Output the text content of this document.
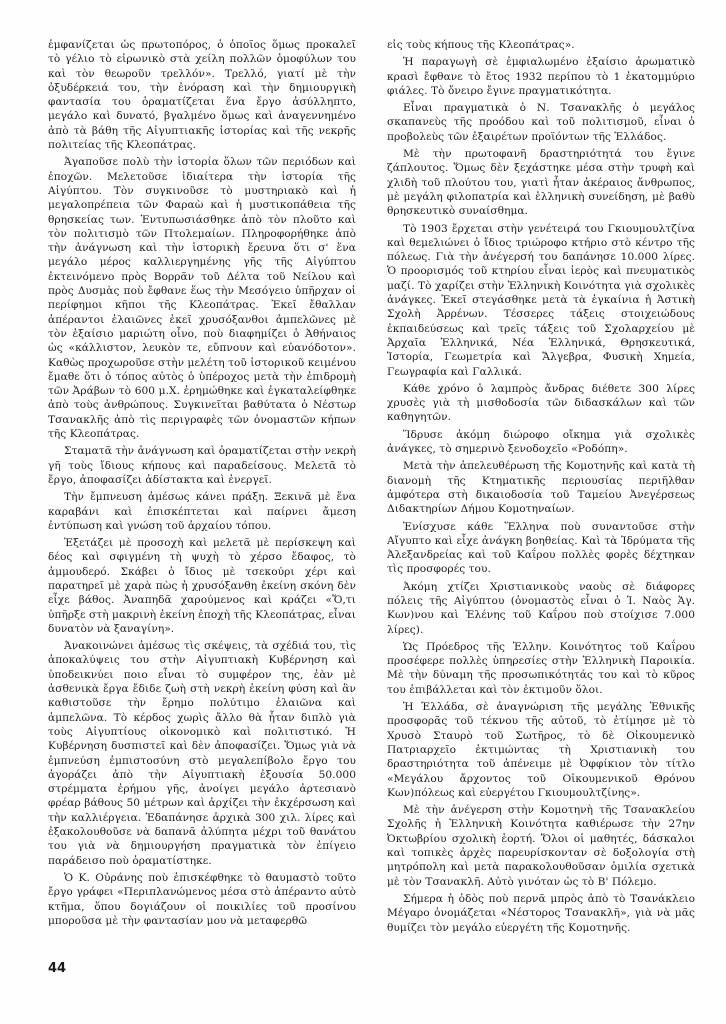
ἐμφανίζεται ὡς πρωτοπόρος, ὁ ὁποῖος ὅμως προκαλεῖ τὸ γέλιο τὸ εἰρωνικὸ στὰ χείλη πολλῶν ὁμοφύλων του καὶ τὸν θεωροῦν τρελλόν». Τρελλό, γιατί μὲ τὴν ὀξυδέρκειά του, τὴν ἐνόραση καὶ τὴν δημιουργικὴ φαντασία του ὁραματίζεται ἕνα ἔργο ἀσύλληπτο, μεγάλο καὶ δυνατό, βγαλμένο ὅμως καὶ ἀναγεννημένο ἀπὸ τὰ βάθη τῆς Αἰγυπτιακῆς ἱστορίας καὶ τῆς νεκρῆς πολιτείας τῆς Κλεοπάτρας.

Ἀγαποῦσε πολὺ τὴν ἱστορία ὅλων τῶν περιόδων καὶ ἐποχῶν. Μελετοῦσε ἰδιαίτερα τὴν ἱστορία τῆς Αἰγύπτου. Τὸν συγκινοῦσε τὸ μυστηριακὸ καὶ ἡ μεγαλοπρέπεια τῶν Φαραὼ καὶ ἡ μυστικοπάθεια τῆς θρησκείας των. Ἐντυπωσιάσθηκε ἀπὸ τὸν πλοῦτο καὶ τὸν πολιτισμὸ τῶν Πτολεμαίων. Πληροφορήθηκε ἀπὸ τὴν ἀνάγνωση καὶ τὴν ἱστορικὴ ἔρευνα ὅτι σ' ἕνα μεγάλο μέρος καλλιεργημένης γῆς τῆς Αἰγύπτου ἐκτεινόμενο πρὸς Βορρᾶν τοῦ Δέλτα τοῦ Νείλου καὶ πρὸς Δυσμὰς ποὺ ἔφθανε ἕως τὴν Μεσόγειο ὑπῆρχαν οἱ περίφημοι κῆποι τῆς Κλεοπάτρας. Ἐκεῖ ἔθαλλαν ἀπέραντοι ἐλαιῶνες ἐκεῖ χρυσόξανθοι ἀμπελῶνες μὲ τὸν ἐξαίσιο μαριώτη οἶνο, ποὺ διαφημίζει ὁ Ἀθήναιος ὡς «κάλλιστον, λευκὸν τε, εὔπνουν καὶ εὐανόδοτον». Καθὼς προχωροῦσε στὴν μελέτη τοῦ ἱστορικοῦ κειμένου ἔμαθε ὅτι ὁ τόπος αὐτὸς ὁ ὑπέροχος μετὰ τὴν ἐπιδρομὴ τῶν Ἀράβων τὸ 600 μ.Χ. ἐρημώθηκε καὶ ἐγκαταλείφθηκε ἀπὸ τοὺς ἀνθρώπους. Συγκινεῖται βαθύτατα ὁ Νέστωρ Τσανακλῆς ἀπὸ τὶς περιγραφὲς τῶν ὀνομαστῶν κήπων τῆς Κλεοπάτρας.

Σταματᾶ τὴν ἀνάγνωση καὶ ὁραματίζεται στὴν νεκρὴ γῆ τοὺς ἴδιους κήπους καὶ παραδείσους. Μελετᾶ τὸ ἔργο, ἀποφασίζει ἀδίστακτα καὶ ἐνεργεῖ.

Τὴν ἔμπνευση ἀμέσως κάνει πράξη. Ξεκινᾶ μὲ ἕνα καραβάνι καὶ ἐπισκέπτεται καὶ παίρνει ἄμεση ἐντύπωση καὶ γνώση τοῦ ἀρχαίου τόπου.

Ἐξετάζει μὲ προσοχὴ καὶ μελετᾶ μὲ περίσκεψη καὶ δέος καὶ σφιγμένη τὴ ψυχὴ τὸ χέρσο ἔδαφος, τὸ ἀμμουδερό. Σκάβει ὁ ἴδιος μὲ τσεκούρι χέρι καὶ παρατηρεῖ μὲ χαρὰ πὼς ἡ χρυσόξανθη ἐκείνη σκόνη δὲν εἶχε βάθος. Ἀναπηδᾶ χαρούμενος καὶ κράζει «Ὅ,τι ὑπῆρξε στὴ μακρινὴ ἐκείνη ἐποχὴ τῆς Κλεοπάτρας, εἶναι δυνατὸν νὰ ξαναγίνη».

Ἀνακοινώνει ἀμέσως τὶς σκέψεις, τὰ σχέδιά του, τὶς ἀποκαλύψεις του στὴν Αἰγυπτιακὴ Κυβέρνηση καὶ ὑποδεικνύει ποιο εἶναι τὸ συμφέρον της, ἐὰν μὲ ἀσθενικὰ ἔργα ἔδιδε ζωὴ στὴ νεκρὴ ἐκείνη φύση καὶ ἂν καθιστοῦσε τὴν ἔρημο πολύτιμο ἐλαιῶνα καὶ ἀμπελῶνα. Τὸ κέρδος χωρὶς ἄλλο θὰ ἦταν διπλὸ γιὰ τοὺς Αἰγυπτίους οἰκονομικὸ καὶ πολιτιστικό. Ἡ Κυβέρνηση δυσπιστεῖ καὶ δὲν ἀποφασίζει. Ὅμως γιὰ νὰ ἐμπνεύση ἐμπιστοσύνη στὸ μεγαλεπίβολο ἔργο του ἀγοράζει ἀπὸ τὴν Αἰγυπτιακὴ ἐξουσία 50.000 στρέμματα ἐρήμου γῆς, ἀνοίγει μεγάλο ἀρτεσιανὸ φρέαρ βάθους 50 μέτρων καὶ ἀρχίζει τὴν ἐκχέρσωση καὶ τὴν καλλιέργεια. Ἐδαπάνησε ἀρχικὰ 300 χιλ. λίρες καὶ ἐξακολουθοῦσε νὰ δαπανᾶ ἀλύπητα μέχρι τοῦ θανάτου του γιὰ νὰ δημιουργήση πραγματικὰ τὸν ἐπίγειο παράδεισο ποὺ ὁραματίστηκε.

Ὁ Κ. Οὐράνης ποὺ ἐπισκέφθηκε τὸ θαυμαστὸ τοῦτο ἔργο γράφει «Περιπλανώμενος μέσα στὸ ἀπέραντο αὐτὸ κτῆμα, ὅπου δογιάζουν οἱ ποικιλίες τοῦ προσίνου μποροῦσα μὲ τὴν φαντασίαν μου νὰ μεταφερθῶ

εἰς τοὺς κήπους τῆς Κλεοπάτρας».

Ἡ παραγωγὴ σὲ ἐμφιαλωμένο ἐξαίσιο ἀρωματικὸ κρασὶ ἔφθανε τὸ ἔτος 1932 περίπου τὸ 1 ἑκατομμύριο φιάλες. Τὸ ὄνειρο ἔγινε πραγματικότητα.

Εἶναι πραγματικὰ ὁ Ν. Τσανακλῆς ὁ μεγάλος σκαπανεὺς τῆς προόδου καὶ τοῦ πολιτισμοῦ, εἶναι ὁ προβολεὺς τῶν ἐξαιρέτων προϊόντων τῆς Ἑλλάδος.

Μὲ τὴν πρωτοφανῆ δραστηριότητά του ἔγινε ζάπλουτος. Ὅμως δὲν ξεχάστηκε μέσα στὴν τρυφὴ καὶ χλιδὴ τοῦ πλούτου του, γιατὶ ἦταν ἀκέραιος ἄνθρωπος, μὲ μεγάλη φιλοπατρία καὶ ἑλληνικὴ συνείδηση, μὲ βαθὺ θρησκευτικὸ συναίσθημα.

Τὸ 1903 ἔρχεται στὴν γενέτειρά του Γκιουμουλτζίνα καὶ θεμελιώνει ὁ ἴδιος τριώροφο κτήριο στὸ κέντρο τῆς πόλεως. Γιὰ τὴν ἀνέγερσή του δαπάνησε 10.000 λίρες. Ὁ προορισμός τοῦ κτηρίου εἶναι ἱερὸς καὶ πνευματικὸς μαζί. Τὸ χαρίζει στὴν Ἑλληνικὴ Κοινότητα γιὰ σχολικὲς ἀνάγκες. Ἐκεῖ στεγάσθηκε μετὰ τὰ ἐγκαίνια ἡ Ἀστικὴ Σχολὴ Ἀρρένων. Τέσσερες τάξεις στοιχειώδους ἐκπαιδεύσεως καὶ τρεῖς τάξεις τοῦ Σχολαρχείου μὲ Ἀρχαῖα Ἑλληνικά, Νέα Ἑλληνικά, Θρησκευτικά, Ἱστορία, Γεωμετρία καὶ Ἄλγεβρα, Φυσικὴ Χημεία, Γεωγραφία καὶ Γαλλικά.

Κάθε χρόνο ὁ λαμπρὸς ἄνδρας διέθετε 300 λίρες χρυσὲς γιὰ τὴ μισθοδοσία τῶν διδασκάλων καὶ τῶν καθηγητῶν.

Ἵδρυσε ἀκόμη διώροφο οἴκημα γιὰ σχολικὲς ἀνάγκες, τὸ σημερινὸ ξενοδοχεῖο «Ροδόπη».

Μετὰ τὴν ἀπελευθέρωση τῆς Κομοτηνῆς καὶ κατὰ τὴ διανομὴ τῆς Κτηματικῆς περιουσίας περιῆλθαν ἀμφότερα στὴ δικαιοδοσία τοῦ Ταμείου Ἀνεγέρσεως Διδακτηρίων Δήμου Κομοτηναίων.

Ἐνίσχυσε κάθε Ἕλληνα ποὺ συναντοῦσε στὴν Αἴγυπτο καὶ εἶχε ἀνάγκη βοηθείας. Καὶ τὰ Ἱδρύματα τῆς Ἀλεξανδρείας καὶ τοῦ Καΐρου πολλὲς φορὲς δέχτηκαν τὶς προσφορές του.

Ἀκόμη χτίζει Χριστιανικοὺς ναοὺς σὲ διάφορες πόλεις τῆς Αἰγύπτου (ὀνομαστὸς εἶναι ὁ Ἱ. Ναὸς Ἁγ. Κων)νου καὶ Ἑλένης τοῦ Καΐρου ποὺ στοίχισε 7.000 λίρες).

Ὡς Πρόεδρος τῆς Ἑλλην. Κοινότητος τοῦ Καΐρου προσέφερε πολλὲς ὑπηρεσίες στὴν Ἑλληνικὴ Παροικία. Μὲ τὴν δύναμη τῆς προσωπικότητάς του καὶ τὸ κῦρος του ἐπιβάλλεται καὶ τὸν ἐκτιμοῦν ὅλοι.

Ἡ Ἑλλάδα, σὲ ἀναγνώριση τῆς μεγάλης Ἐθνικῆς προσφορᾶς τοῦ τέκνου τῆς αὐτοῦ, τὸ ἐτίμησε μὲ τὸ Χρυσὸ Σταυρὸ τοῦ Σωτῆρος, τὸ δὲ Οἰκουμενικὸ Πατριαρχεῖο ἐκτιμώντας τὴ Χριστιανικὴ του δραστηριότητα τοῦ ἀπένειμε μὲ Ὀφφίκιον τὸν τίτλο «Μεγάλου ἄρχοντος τοῦ Οἰκουμενικοῦ Θρόνου Κων)πόλεως καὶ εὐεργέτου Γκιουμουλτζίνης».

Μὲ τὴν ἀνέγερση στὴν Κομοτηνὴ τῆς Τσανακλείου Σχολῆς ἡ Ἑλληνικὴ Κοινότητα καθιέρωσε τὴν 27ην Ὀκτωβρίου σχολικὴ ἑορτή. Ὅλοι οἱ μαθητές, δάσκαλοι καὶ τοπικὲς ἀρχὲς παρευρίσκονταν σὲ δοξολογία στὴ μητρόπολη καὶ μετὰ παρακολουθοῦσαν ὁμιλία σχετικὰ μὲ τὸν Τσανακλῆ. Αὐτὸ γινόταν ὡς τὸ Β' Πόλεμο.

Σήμερα ἡ ὁδὸς ποὺ περνᾶ μπρὸς ἀπὸ τὸ Τσανάκλειο Μέγαρο ὀνομάζεται «Νέστορος Τσανακλῆ», γιὰ νὰ μᾶς θυμίζει τὸν μεγάλο εὐεργέτη τῆς Κομοτηνῆς.

44
